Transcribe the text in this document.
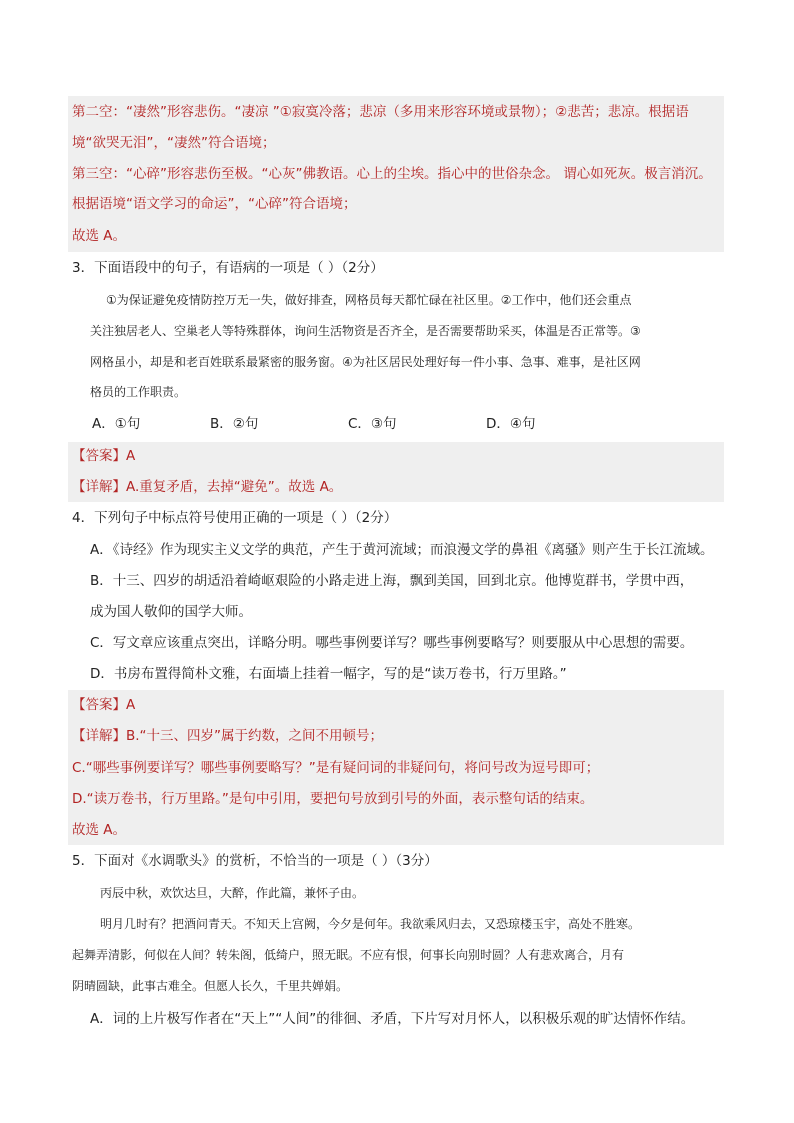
第二空：“凄然”形容悲伤。“凄凉 ”①寂寞冷落；悲凉（多用来形容环境或景物）；②悲苦；悲凉。根据语
境“欲哭无泪”，“凄然”符合语境；
第三空：“心碎”形容悲伤至极。“心灰”佛教语。心上的尘埃。指心中的世俗杂念。 谓心如死灰。极言消沉。
根据语境“语文学习的命运”，“心碎”符合语境；
故选 A。
3．下面语段中的句子，有语病的一项是（ ）（2分）
①为保证避免疫情防控万无一失，做好排查，网格员每天都忙碌在社区里。②工作中，他们还会重点
关注独居老人、空巢老人等特殊群体，询问生活物资是否齐全，是否需要帮助采买，体温是否正常等。③
网格虽小，却是和老百姓联系最紧密的服务窗。④为社区居民处理好每一件小事、急事、难事，是社区网
格员的工作职责。
A．①句	B．②句	C．③句	D．④句
【答案】A
【详解】A.重复矛盾，去掉“避免”。故选 A。
4．下列句子中标点符号使用正确的一项是（ ）（2分）
A．《诗经》作为现实主义文学的典范，产生于黄河流域；而浪漫文学的鼻祖《离骚》则产生于长江流域。
B．十三、四岁的胡适沿着崎岖艰险的小路走进上海，飘到美国，回到北京。他博览群书，学贯中西，
成为国人敬仰的国学大师。
C．写文章应该重点突出，详略分明。哪些事例要详写？哪些事例要略写？则要服从中心思想的需要。
D．书房布置得简朴文雅，右面墙上挂着一幅字，写的是“读万卷书，行万里路。”
【答案】A
【详解】B.“十三、四岁”属于约数，之间不用顿号；
C.“哪些事例要详写？哪些事例要略写？”是有疑问词的非疑问句，将问号改为逗号即可；
D.“读万卷书，行万里路。”是句中引用，要把句号放到引号的外面，表示整句话的结束。
故选 A。
5．下面对《水调歌头》的赏析，不恰当的一项是（ ）（3分）
丙辰中秋，欢饮达旦，大醉，作此篇，兼怀子由。
明月几时有？把酒问青天。不知天上宫阙，今夕是何年。我欲乘风归去，又恐琼楼玉宇，高处不胜寒。
起舞弄清影，何似在人间？转朱阁，低绮户，照无眠。不应有恨，何事长向别时圆？人有悲欢离合，月有
阴晴圆缺，此事古难全。但愿人长久，千里共婵娟。
A．词的上片极写作者在“天上”“人间”的徘徊、矛盾，下片写对月怀人，以积极乐观的旷达情怀作结。
